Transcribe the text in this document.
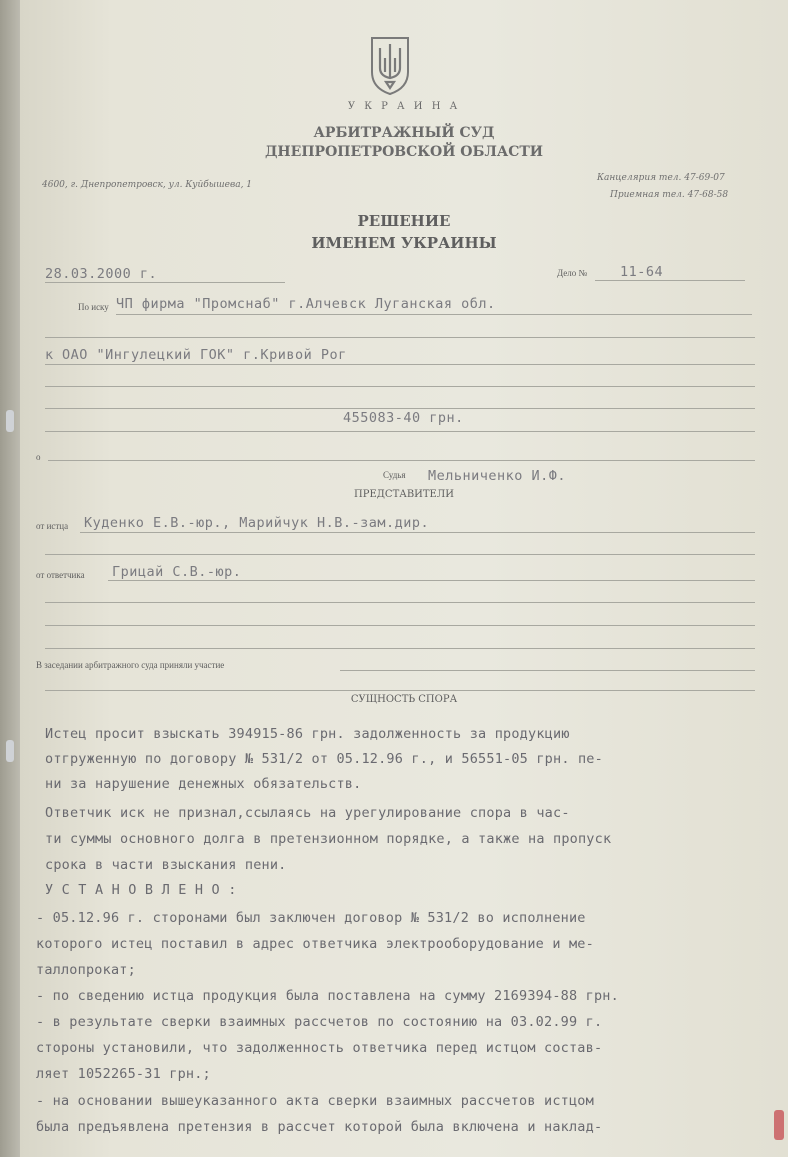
У К Р А И Н А
АРБИТРАЖНЫЙ СУД
ДНЕПРОПЕТРОВСКОЙ ОБЛАСТИ
4600, г. Днепропетровск, ул. Куйбышева, 1
Канцелярия тел. 47-69-07
Приемная тел. 47-68-58
РЕШЕНИЕ
ИМЕНЕМ УКРАИНЫ
28.03.2000 г.	Дело № 11-64
По иску ЧП фирма "Промснаб" г.Алчевск Луганская обл.
к ОАО "Ингулецкий ГОК" г.Кривой Рог
455083-40 грн.
о
Судья Мельниченко И.Ф.
ПРЕДСТАВИТЕЛИ
от истца Куденко Е.В.-юр., Марийчук Н.В.-зам.дир.
от ответчика Грицай С.В.-юр.
В заседании арбитражного суда приняли участие
СУЩНОСТЬ СПОРА
Истец просит взыскать 394915-86 грн. задолженность за продукцию
отгруженную по договору № 531/2 от 05.12.96 г., и 56551-05 грн. пе-
ни за нарушение денежных обязательств.
Ответчик иск не признал,ссылаясь на урегулирование спора в час-
ти суммы основного долга в претензионном порядке, а также на пропуск
срока в части взыскания пени.
У С Т А Н О В Л Е Н О :
- 05.12.96 г. сторонами был заключен договор № 531/2 во исполнение
которого истец поставил в адрес ответчика электрооборудование и ме-
таллопрокат;
- по сведению истца продукция была поставлена на сумму 2169394-88 грн.
- в результате сверки взаимных рассчетов по состоянию на 03.02.99 г.
стороны установили, что задолженность ответчика перед истцом состав-
ляет 1052265-31 грн.;
- на основании вышеуказанного акта сверки взаимных рассчетов истцом
была предъявлена претензия в рассчет которой была включена и наклад-
